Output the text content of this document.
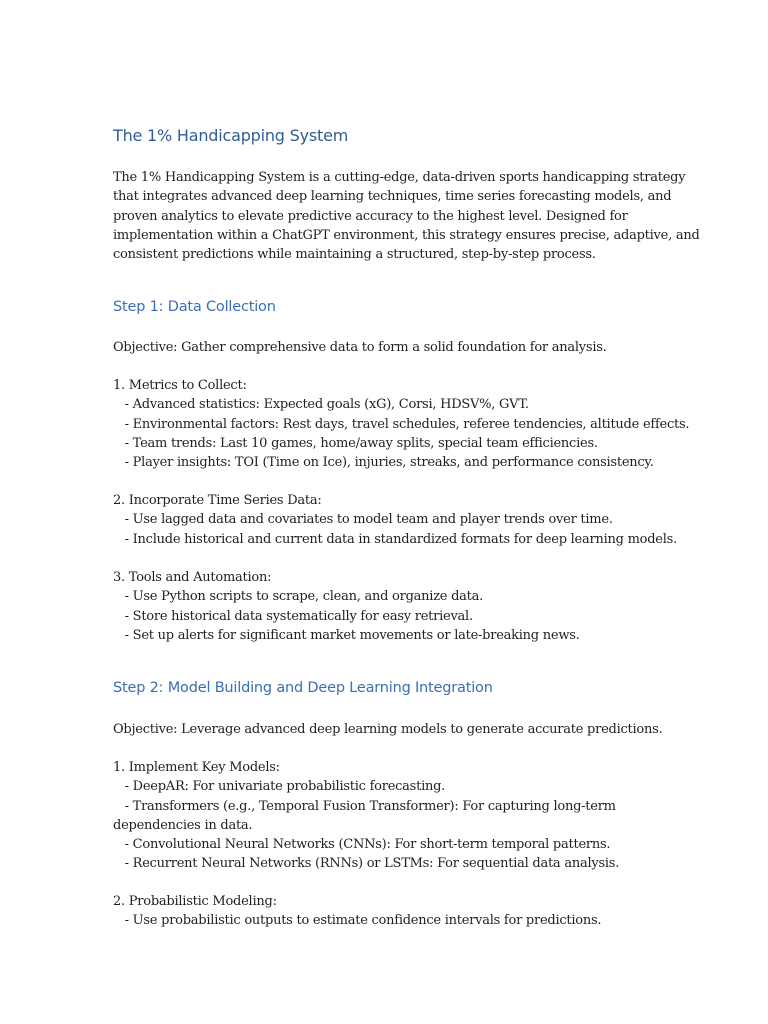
The 1% Handicapping System

The 1% Handicapping System is a cutting-edge, data-driven sports handicapping strategy
that integrates advanced deep learning techniques, time series forecasting models, and
proven analytics to elevate predictive accuracy to the highest level. Designed for
implementation within a ChatGPT environment, this strategy ensures precise, adaptive, and
consistent predictions while maintaining a structured, step-by-step process.

Step 1: Data Collection

Objective: Gather comprehensive data to form a solid foundation for analysis.

1. Metrics to Collect:
- Advanced statistics: Expected goals (xG), Corsi, HDSV%, GVT.
- Environmental factors: Rest days, travel schedules, referee tendencies, altitude effects.
- Team trends: Last 10 games, home/away splits, special team efficiencies.
- Player insights: TOI (Time on Ice), injuries, streaks, and performance consistency.

2. Incorporate Time Series Data:
- Use lagged data and covariates to model team and player trends over time.
- Include historical and current data in standardized formats for deep learning models.

3. Tools and Automation:
- Use Python scripts to scrape, clean, and organize data.
- Store historical data systematically for easy retrieval.
- Set up alerts for significant market movements or late-breaking news.

Step 2: Model Building and Deep Learning Integration

Objective: Leverage advanced deep learning models to generate accurate predictions.

1. Implement Key Models:
- DeepAR: For univariate probabilistic forecasting.
- Transformers (e.g., Temporal Fusion Transformer): For capturing long-term
dependencies in data.
- Convolutional Neural Networks (CNNs): For short-term temporal patterns.
- Recurrent Neural Networks (RNNs) or LSTMs: For sequential data analysis.

2. Probabilistic Modeling:
- Use probabilistic outputs to estimate confidence intervals for predictions.
